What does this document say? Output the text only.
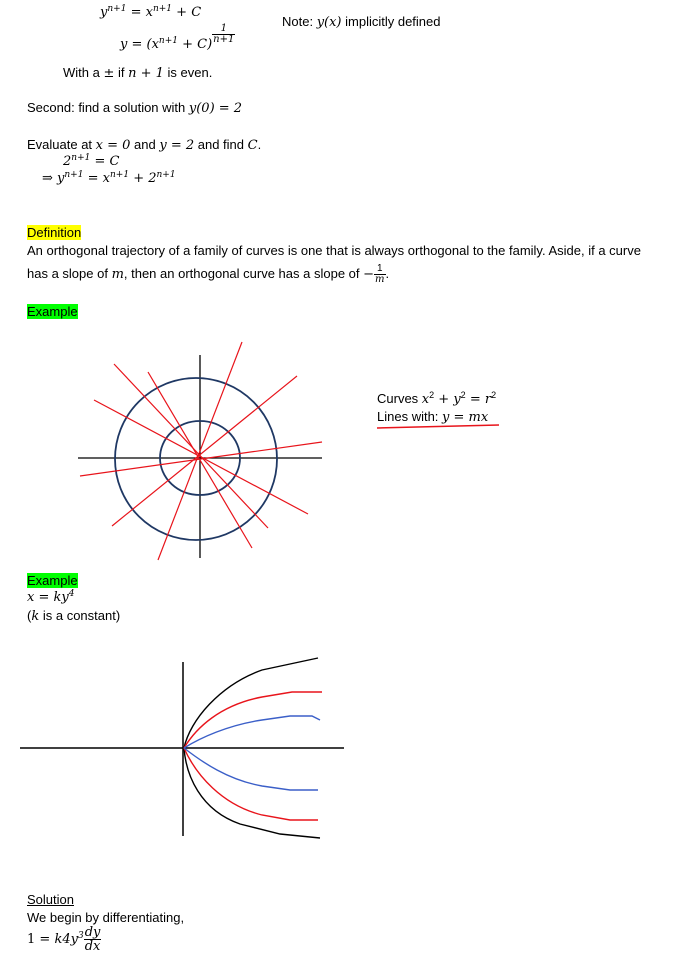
$y^{n+1} = x^{n+1} + C$
$y = (x^{n+1} + C) \frac{1}{n+1}$
Note: y(x) implicitly defined
With a ± if n + 1 is even.
Second: find a solution with y(0) = 2
Evaluate at x = 0 and y = 2 and find C.
$2^{n+1} = C$
⇒ $y^{n+1} = x^{n+1} + 2^{n+1}$
Definition
An orthogonal trajectory of a family of curves is one that is always orthogonal to the family. Aside, if a curve
has a slope of m, then an orthogonal curve has a slope of − $\frac{1}{m}$ .
Example
Curves $x^2 + y^2 = r^2$
Lines with: y = mx
Example
$x = ky^4$
(k is a constant)
Solution
We begin by differentiating,
$1 = k4y^3 \frac{dy}{dx}$
